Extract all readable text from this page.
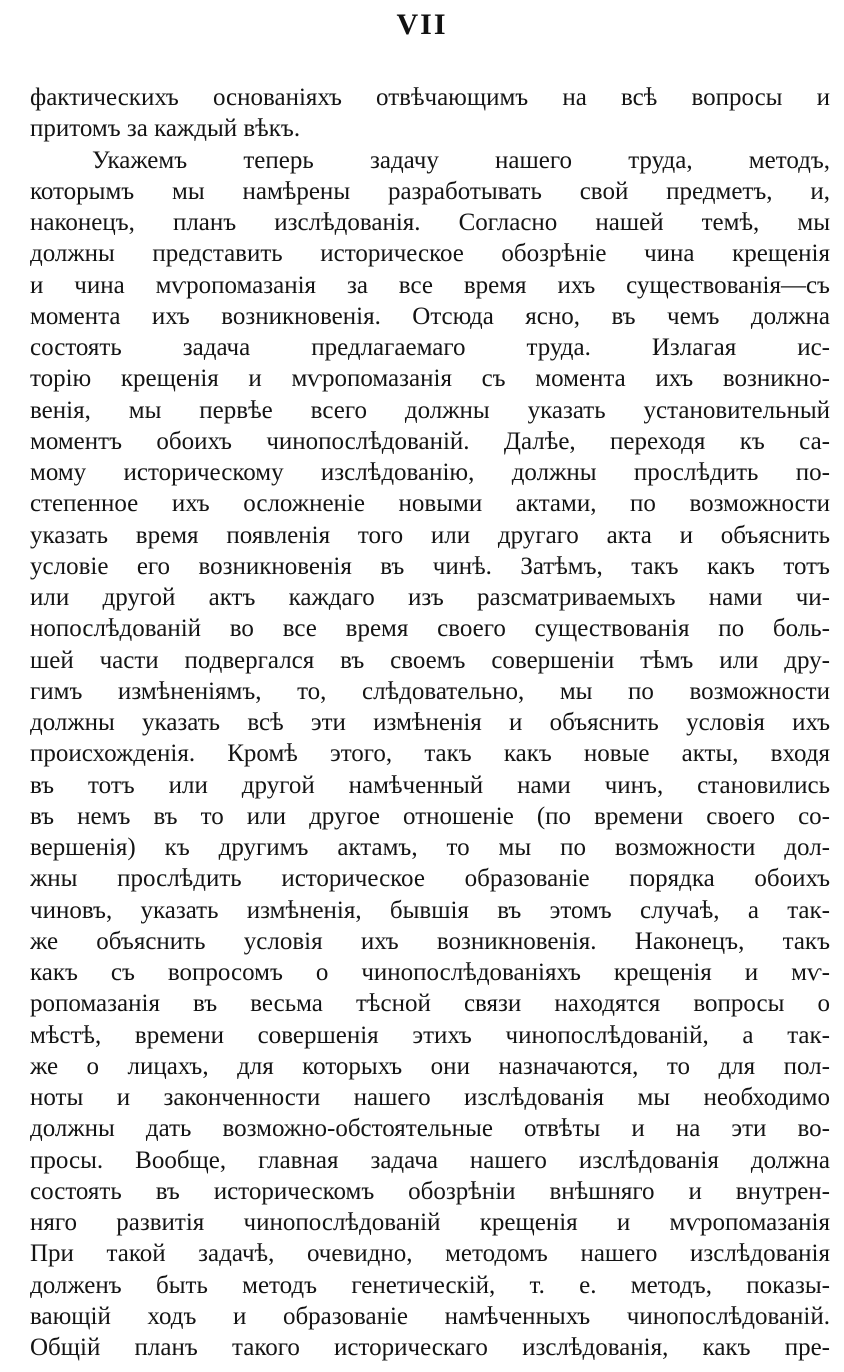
VII
фактическихъ основаніяхъ отвѣчающимъ на всѣ вопросы и
притомъ за каждый вѣкъ.
Укажемъ теперь задачу нашего труда, методъ,
которымъ мы намѣрены разработывать свой предметъ, и,
наконецъ, планъ изслѣдованія. Согласно нашей темѣ, мы
должны представить историческое обозрѣніе чина крещенія
и чина мѵропомазанія за все время ихъ существованія—съ
момента ихъ возникновенія. Отсюда ясно, въ чемъ должна
состоять задача предлагаемаго труда. Излагая ис-
торію крещенія и мѵропомазанія съ момента ихъ возникно-
венія, мы первѣе всего должны указать установительный
моментъ обоихъ чинопослѣдованій. Далѣе, переходя къ са-
мому историческому изслѣдованію, должны прослѣдить по-
степенное ихъ осложненіе новыми актами, по возможности
указать время появленія того или другаго акта и объяснить
условіе его возникновенія въ чинѣ. Затѣмъ, такъ какъ тотъ
или другой актъ каждаго изъ разсматриваемыхъ нами чи-
нопослѣдованій во все время своего существованія по боль-
шей части подвергался въ своемъ совершеніи тѣмъ или дру-
гимъ измѣненіямъ, то, слѣдовательно, мы по возможности
должны указать всѣ эти измѣненія и объяснить условія ихъ
происхожденія. Кромѣ этого, такъ какъ новые акты, входя
въ тотъ или другой намѣченный нами чинъ, становились
въ немъ въ то или другое отношеніе (по времени своего со-
вершенія) къ другимъ актамъ, то мы по возможности дол-
жны прослѣдить историческое образованіе порядка обоихъ
чиновъ, указать измѣненія, бывшія въ этомъ случаѣ, а так-
же объяснить условія ихъ возникновенія. Наконецъ, такъ
какъ съ вопросомъ о чинопослѣдованіяхъ крещенія и мѵ-
ропомазанія въ весьма тѣсной связи находятся вопросы о
мѣстѣ, времени совершенія этихъ чинопослѣдованій, а так-
же о лицахъ, для которыхъ они назначаются, то для пол-
ноты и законченности нашего изслѣдованія мы необходимо
должны дать возможно-обстоятельные отвѣты и на эти во-
просы. Вообще, главная задача нашего изслѣдованія должна
состоять въ историческомъ обозрѣніи внѣшняго и внутрен-
няго развитія чинопослѣдованій крещенія и мѵропомазанія
При такой задачѣ, очевидно, методомъ нашего изслѣдованія
долженъ быть методъ генетическій, т. е. методъ, показы-
вающій ходъ и образованіе намѣченныхъ чинопослѣдованій.
Общій планъ такого историческаго изслѣдованія, какъ пре-
